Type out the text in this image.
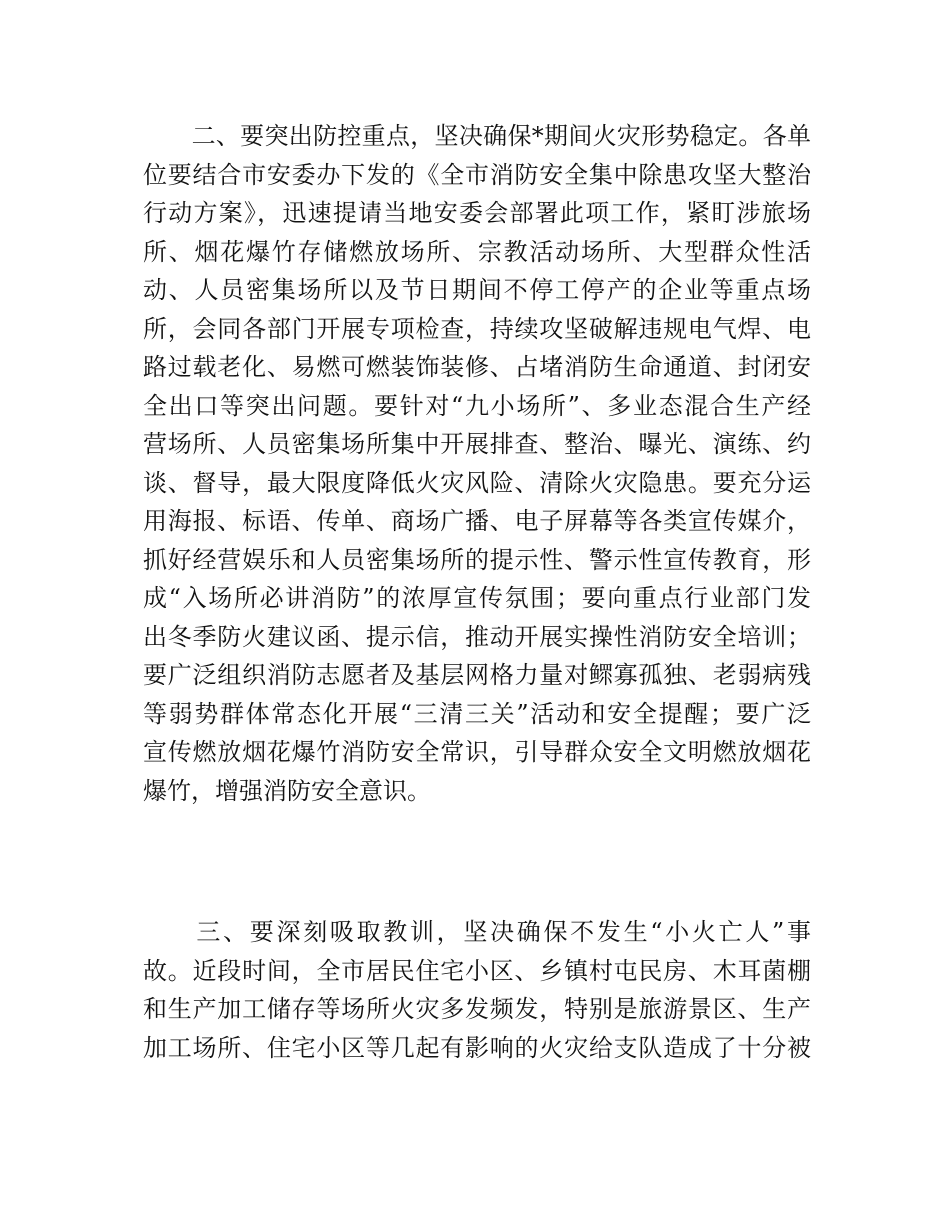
　　二、要突出防控重点，坚决确保*期间火灾形势稳定。各单
位要结合市安委办下发的《全市消防安全集中除患攻坚大整治
行动方案》，迅速提请当地安委会部署此项工作，紧盯涉旅场
所、烟花爆竹存储燃放场所、宗教活动场所、大型群众性活
动、人员密集场所以及节日期间不停工停产的企业等重点场
所，会同各部门开展专项检查，持续攻坚破解违规电气焊、电
路过载老化、易燃可燃装饰装修、占堵消防生命通道、封闭安
全出口等突出问题。要针对“九小场所”、多业态混合生产经
营场所、人员密集场所集中开展排查、整治、曝光、演练、约
谈、督导，最大限度降低火灾风险、清除火灾隐患。要充分运
用海报、标语、传单、商场广播、电子屏幕等各类宣传媒介，
抓好经营娱乐和人员密集场所的提示性、警示性宣传教育，形
成“入场所必讲消防”的浓厚宣传氛围；要向重点行业部门发
出冬季防火建议函、提示信，推动开展实操性消防安全培训；
要广泛组织消防志愿者及基层网格力量对鳏寡孤独、老弱病残
等弱势群体常态化开展“三清三关”活动和安全提醒；要广泛
宣传燃放烟花爆竹消防安全常识，引导群众安全文明燃放烟花
爆竹，增强消防安全意识。
　　三、要深刻吸取教训，坚决确保不发生“小火亡人”事
故。近段时间，全市居民住宅小区、乡镇村屯民房、木耳菌棚
和生产加工储存等场所火灾多发频发，特别是旅游景区、生产
加工场所、住宅小区等几起有影响的火灾给支队造成了十分被
